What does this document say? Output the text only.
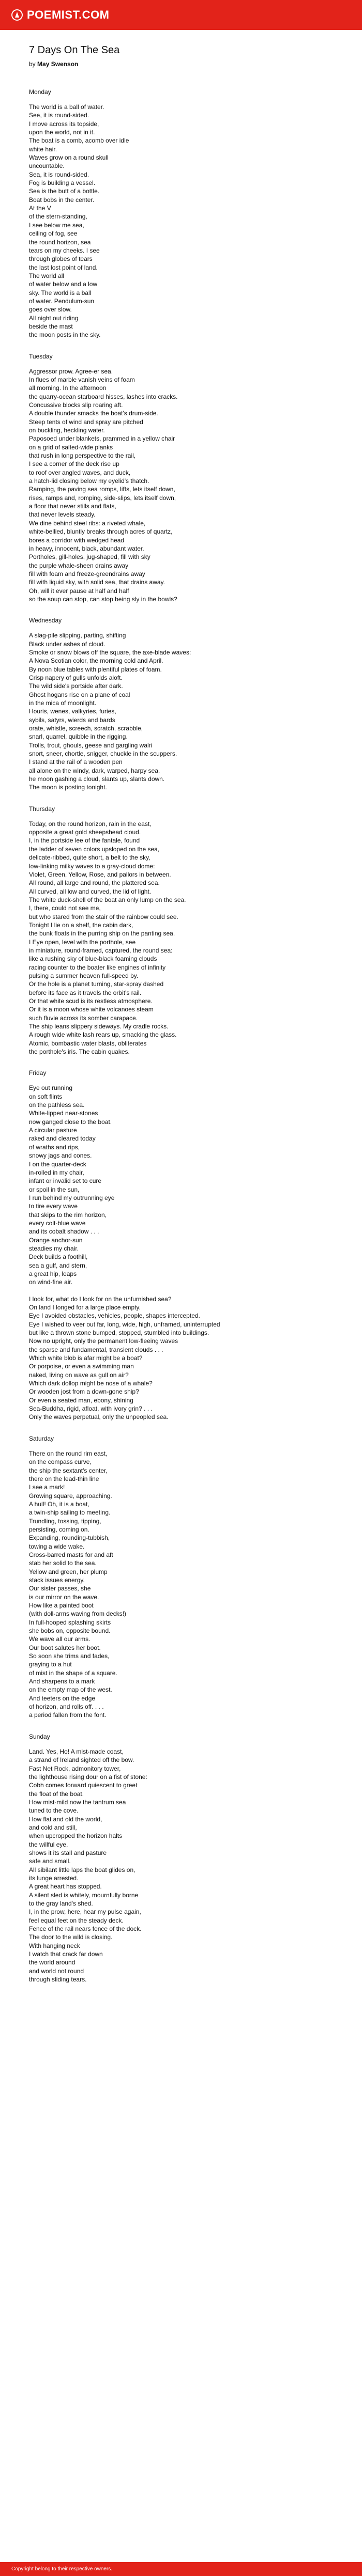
POEMIST.COM
7 Days On The Sea
by May Swenson
Monday
The world is a ball of water.
See, it is round-sided.
I move across its topside,
upon the world, not in it.
The boat is a comb, acomb over idle
white hair.
Waves grow on a round skull
uncountable.
Sea, it is round-sided.
Fog is building a vessel.
Sea is the butt of a bottle.
Boat bobs in the center.
At the V
of the stern-standing,
I see below me sea,
ceiling of fog, see
the round horizon, sea
tears on my cheeks. I see
through globes of tears
the last lost point of land.
The world all
of water below and a low
sky. The world is a ball
of water. Pendulum-sun
goes over slow.
All night out riding
beside the mast
the moon posts in the sky.
Tuesday
Aggressor prow. Agree-er sea.
In flues of marble vanish veins of foam
all morning. In the afternoon
the quarry-ocean starboard hisses, lashes into cracks.
Concussive blocks slip roaring aft.
A double thunder smacks the boat's drum-side.
Steep tents of wind and spray are pitched
on buckling, heckling water.
Paposoed under blankets, prammed in a yellow chair
on a grid of salted-wide planks
that rush in long perspective to the rail,
I see a corner of the deck rise up
to roof over angled waves, and duck,
a hatch-lid closing below my eyelid's thatch.
Ramping, the paving sea romps, lifts, lets itself down,
rises, ramps and, romping, side-slips, lets itself down,
a floor that never stills and flats,
that never levels steady.
We dine behind steel ribs: a riveted whale,
white-bellied, bluntly breaks through acres of quartz,
bores a corridor with wedged head
in heavy, innocent, black, abundant water.
Portholes, gill-holes, jug-shaped, fill with sky
the purple whale-sheen drains away
fill with foam and freeze-greendrains away
fill with liquid sky, with solid sea, that drains away.
Oh, will it ever pause at half and half
so the soup can stop, can stop being sly in the bowls?
Wednesday
A slag-pile slipping, parting, shifting
Black under ashes of cloud.
Smoke or snow blows off the square, the axe-blade waves:
A Nova Scotian color, the morning cold and April.
By noon blue tables with plentiful plates of foam.
Crisp napery of gulls unfolds aloft.
The wild side's portside after dark.
Ghost hogans rise on a plane of coal
in the mica of moonlight.
Houris, wenes, valkyries, furies,
sybils, satyrs, wierds and bards
orate, whistle, screech, scratch, scrabble,
snarl, quarrel, quibble in the rigging.
Trolls, trout, ghouls, geese and gargling walri
snort, sneer, chortle, snigger, chuckle in the scuppers.
I stand at the rail of a wooden pen
all alone on the windy, dark, warped, harpy sea.
he moon gashing a cloud, slants up, slants down.
The moon is posting tonight.
Thursday
Today, on the round horizon, rain in the east,
opposite a great gold sheepshead cloud.
I, in the portside lee of the fantale, found
the ladder of seven colors upsloped on the sea,
delicate-ribbed, quite short, a belt to the sky,
low-linking milky waves to a gray-cloud dome:
Violet, Green, Yellow, Rose, and pallors in between.
All round, all large and round, the plattered sea.
All curved, all low and curved, the lid of light.
The white duck-shell of the boat an only lump on the sea.
I, there, could not see me,
but who stared from the stair of the rainbow could see.
Tonight I lie on a shelf, the cabin dark,
the bunk floats in the purring ship on the panting sea.
I Eye open, level with the porthole, see
in miniature, round-framed, captured, the round sea:
like a rushing sky of blue-black foaming clouds
racing counter to the boater like engines of infinity
pulsing a summer heaven full-speed by.
Or the hole is a planet turning, star-spray dashed
before its face as it travels the orbit's rail.
Or that white scud is its restless atmosphere.
Or it is a moon whose white volcanoes steam
such fluvie across its somber carapace.
The ship leans slippery sideways. My cradle rocks.
A rough wide white lash rears up, smacking the glass.
Atomic, bombastic water blasts, obliterates
the porthole's iris. The cabin quakes.
Friday
Eye out running
on soft flints
on the pathless sea.
White-lipped near-stones
now ganged close to the boat.
A circular pasture
raked and cleared today
of wraths and rips,
snowy jags and cones.
I on the quarter-deck
in-rolled in my chair,
infant or invalid set to cure
or spoil in the sun,
I run behind my outrunning eye
to tire every wave
that skips to the rim horizon,
every colt-blue wave
and its cobalt shadow . . .
Orange anchor-sun
steadies my chair.
Deck builds a foothill,
sea a gulf, and stern,
a great hip, leaps
on wind-fine air.
I look for, what do I look for on the unfurnished sea?
On land I longed for a large place empty.
Eye I avoided obstacles, vehicles, people, shapes intercepted.
Eye I wished to veer out far, long, wide, high, unframed, uninterrupted
but like a thrown stone bumped, stopped, stumbled into buildings.
Now no upright, only the permanent low-fleeing waves
the sparse and fundamental, transient clouds . . .
Which white blob is afar might be a boat?
Or porpoise, or even a swimming man
naked, living on wave as gull on air?
Which dark dollop might be nose of a whale?
Or wooden jost from a down-gone ship?
Or even a seated man, ebony, shining
Sea-Buddha, rigid, afloat, with ivory grin? . . .
Only the waves perpetual, only the unpeopled sea.
Saturday
There on the round rim east,
on the compass curve,
the ship the sextant's center,
there on the lead-thin line
I see a mark!
Growing square, approaching.
A hull! Oh, it is a boat,
a twin-ship sailing to meeting.
Trundling, tossing, tipping,
persisting, coming on.
Expanding, rounding-tubbish,
towing a wide wake.
Cross-barred masts for and aft
stab her solid to the sea.
Yellow and green, her plump
stack issues energy.
Our sister passes, she
is our mirror on the wave.
How like a painted boot
(with doll-arms waving from decks!)
In full-hooped splashing skirts
she bobs on, opposite bound.
We wave all our arms.
Our boot salutes her boot.
So soon she trims and fades,
graying to a hut
of mist in the shape of a square.
And sharpens to a mark
on the empty map of the west.
And teeters on the edge
of horizon, and rolls off. . . .
a period fallen from the font.
Sunday
Land. Yes, Ho! A mist-made coast,
a strand of Ireland sighted off the bow.
Fast Net Rock, admonitory tower,
the lighthouse rising dour on a fist of stone:
Cobh comes forward quiescent to greet
the float of the boat.
How mist-mild now the tantrum sea
tuned to the cove.
How flat and old the world,
and cold and still,
when upcropped the horizon halts
the willful eye,
shows it its stall and pasture
safe and small.
All sibilant little laps the boat glides on,
its lunge arrested.
A great heart has stopped.
A silent sled is whitely, mournfully borne
to the gray land's shed.
I, in the prow, here, hear my pulse again,
feel equal feet on the steady deck.
Fence of the rail nears fence of the dock.
The door to the wild is closing.
With hanging neck
I watch that crack far down
the world around
and world not round
through sliding tears.
Copyright belong to their respective owners.
